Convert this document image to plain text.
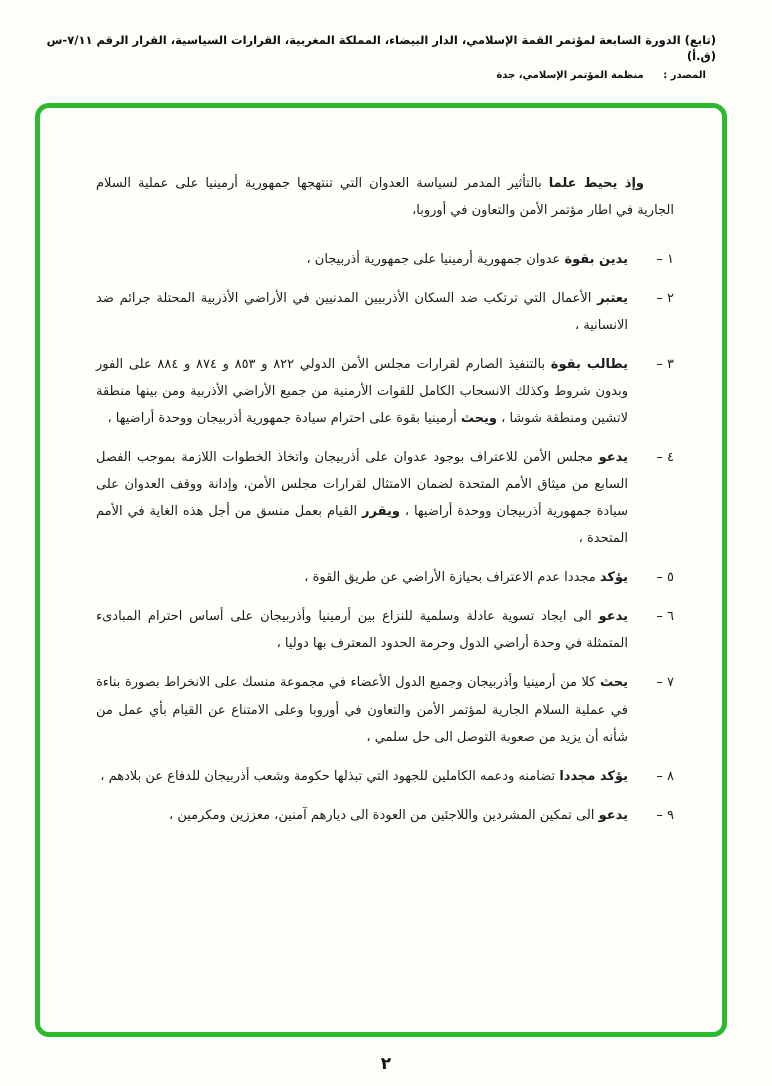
(تابع) الدورة السابعة لمؤتمر القمة الإسلامي، الدار البيضاء، المملكة المغربية، القرارات السياسية، القرار الرقم ٧/١١-س (ق.أ)
المصدر : منظمة المؤتمر الإسلامي، جدة

وإذ يحيط علما بالتأثير المدمر لسياسة العدوان التي تنتهجها جمهورية أرمينيا على عملية السلام الجارية في اطار مؤتمر الأمن والتعاون في أوروبا،

١ –

يدين بقوة عدوان جمهورية أرمينيا على جمهورية أذربيجان ،

٢ –

يعتبر الأعمال التي ترتكب ضد السكان الأذربيين المدنيين في الأراضي الأذربية المحتلة جرائم ضد الانسانية ،

٣ –

يطالب بقوة بالتنفيذ الصارم لقرارات مجلس الأمن الدولي ٨٢٢ و ٨٥٣ و ٨٧٤ و ٨٨٤ على الفور وبدون شروط وكذلك الانسحاب الكامل للقوات الأرمنية من جميع الأراضي الأذربية ومن بينها منطقة لاتشين ومنطقة شوشا ، ويحث أرمينيا بقوة على احترام سيادة جمهورية أذربيجان ووحدة أراضيها ،

٤ –

يدعو مجلس الأمن للاعتراف بوجود عدوان على أذربيجان واتخاذ الخطوات اللازمة بموجب الفصل السابع من ميثاق الأمم المتحدة لضمان الامتثال لقرارات مجلس الأمن، وإدانة ووقف العدوان على سيادة جمهورية أذربيجان ووحدة أراضيها ، ويقرر القيام بعمل منسق من أجل هذه الغاية في الأمم المتحدة ،

٥ –

يؤكد مجددا عدم الاعتراف بحيازة الأراضي عن طريق القوة ،

٦ –

يدعو الى ايجاد تسوية عادلة وسلمية للنزاع بين أرمينيا وأذربيجان على أساس احترام المبادىء المتمثلة في وحدة أراضي الدول وحرمة الحدود المعترف بها دوليا ،

٧ –

يحث كلا من أرمينيا وأذربيجان وجميع الدول الأعضاء في مجموعة منسك على الانخراط بصورة بناءة في عملية السلام الجارية لمؤتمر الأمن والتعاون في أوروبا وعلى الامتناع عن القيام بأي عمل من شأنه أن يزيد من صعوبة التوصل الى حل سلمي ،

٨ –

يؤكد مجددا تضامنه ودعمه الكاملين للجهود التي تبذلها حكومة وشعب أذربيجان للدفاع عن بلادهم ،

٩ –

يدعو الى تمكين المشردين واللاجئين من العودة الى ديارهم آمنين، معززين ومكرمين ،

٢
